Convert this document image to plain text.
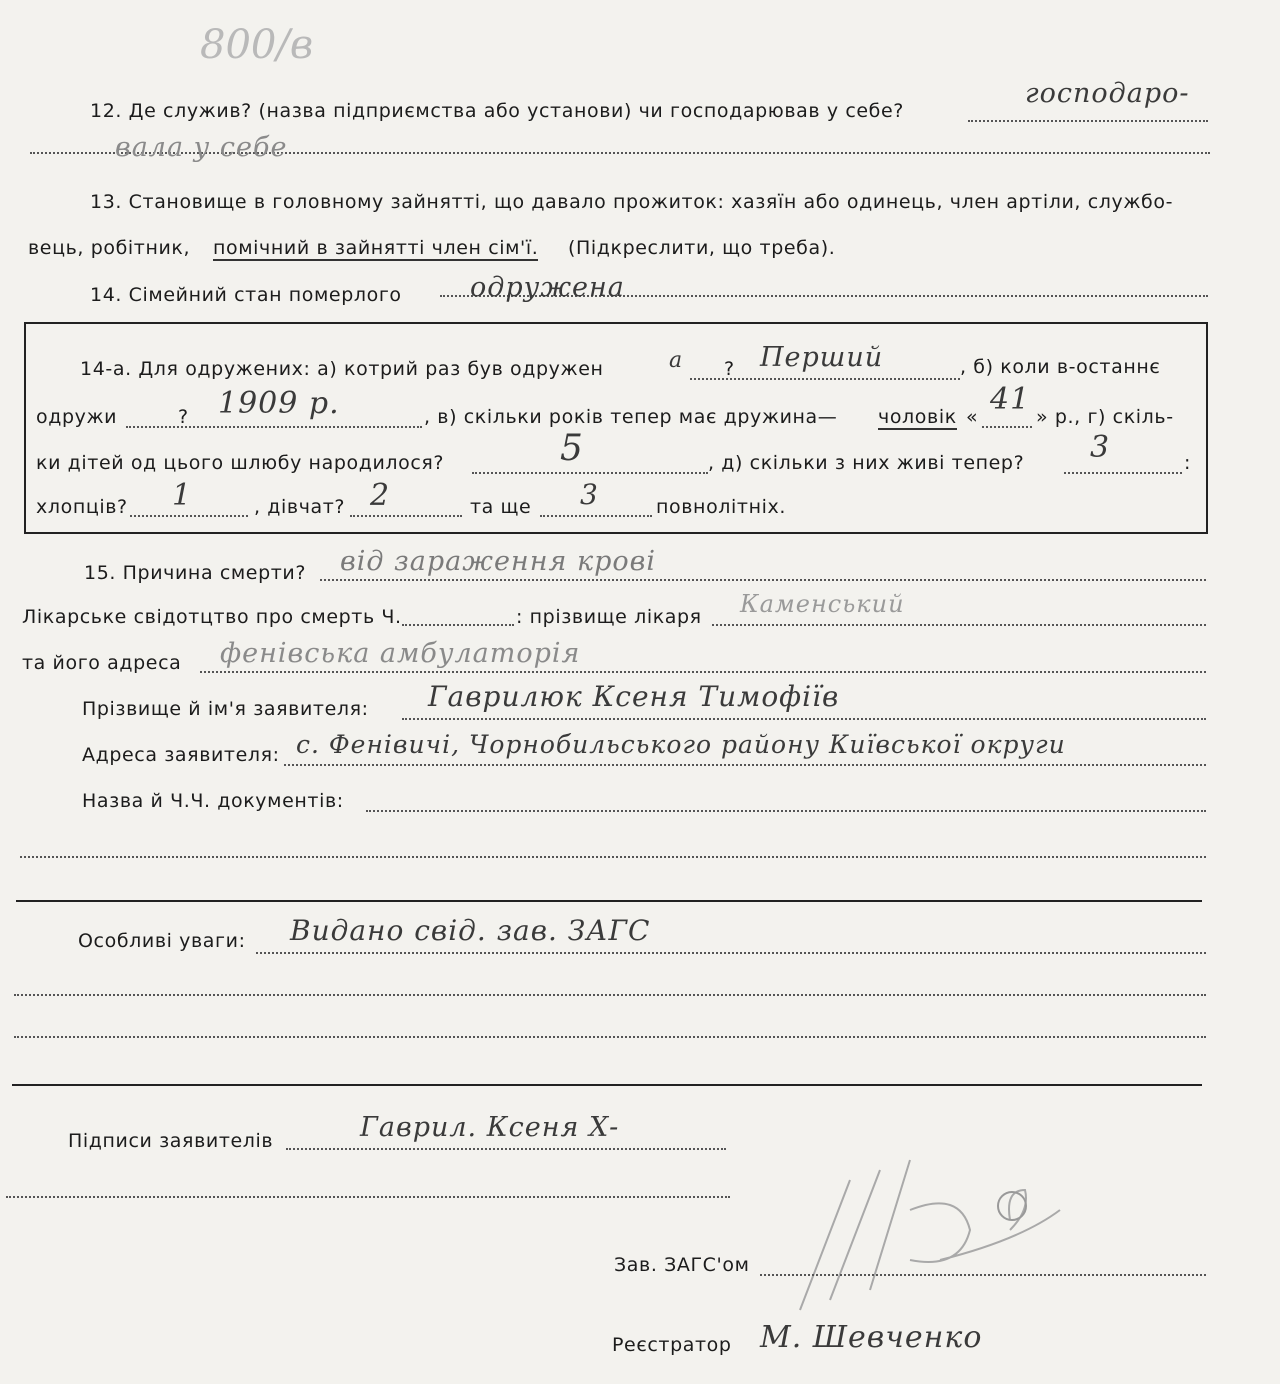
800/в
12. Де служив? (назва підприємства або установи) чи господарював у себе?
господаро-
вала у себе
13. Становище в головному зайнятті, що давало прожиток: хазяїн або одинець, член артіли, службо-
вець, робітник, помічний в зайнятті член сім'ї. (Підкреслити, що треба).
14. Сімейний стан померлого	одружена
14-а. Для одружених: а) котрий раз був одружен	а ? Перший	, б) коли в-останнє
одружи	? 1909 р.	, в) скільки років тепер має дружина— чоловік « 41 » р., г) скіль-
ки дітей од цього шлюбу народилося?	5	, д) скільки з них живі тепер? 3	:
хлопців? 1	, дівчат? 2	та ще 3	повнолітніх.
15. Причина смерти? від зараження крові
Лікарське свідотцтво про смерть Ч.	: прізвище лікаря Каменський
та його адреса фенівська амбулаторія
Прізвище й ім'я заявителя: Гаврилюк Ксеня Тимофіїв
Адреса заявителя: с. Фенівичі, Чорнобильського району Київської округи
Назва й Ч.Ч. документів:
Особливі уваги: Видано свід. зав. ЗАГС
Підписи заявителів	Гаврил. Ксеня Х-
Зав. ЗАГС'ом
Реєстратор М. Шевченко
